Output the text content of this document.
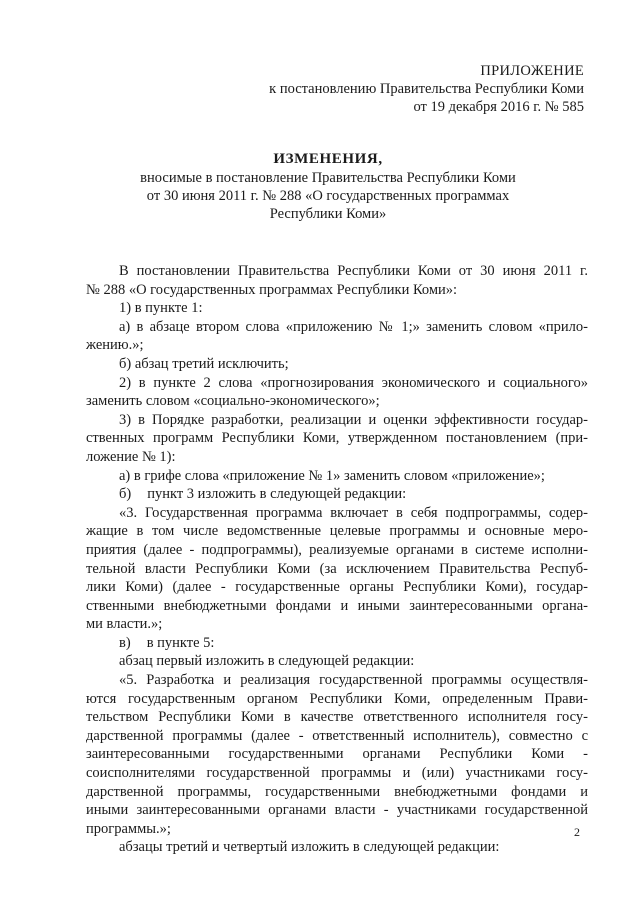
ПРИЛОЖЕНИЕ
к постановлению Правительства Республики Коми
от 19 декабря 2016 г. № 585
ИЗМЕНЕНИЯ,
вносимые в постановление Правительства Республики Коми
от 30 июня 2011 г. № 288 «О государственных программах
Республики Коми»
В постановлении Правительства Республики Коми от 30 июня 2011 г.
№ 288 «О государственных программах Республики Коми»:
1) в пункте 1:
а) в абзаце втором слова «приложению № 1;» заменить словом «прило-
жению.»;
б) абзац третий исключить;
2) в пункте 2 слова «прогнозирования экономического и социального»
заменить словом «социально-экономического»;
3) в Порядке разработки, реализации и оценки эффективности государ-
ственных программ Республики Коми, утвержденном постановлением (при-
ложение № 1):
а) в грифе слова «приложение № 1» заменить словом «приложение»;
б) пункт 3 изложить в следующей редакции:
«3. Государственная программа включает в себя подпрограммы, содер-
жащие в том числе ведомственные целевые программы и основные меро-
приятия (далее - подпрограммы), реализуемые органами в системе исполни-
тельной власти Республики Коми (за исключением Правительства Респуб-
лики Коми) (далее - государственные органы Республики Коми), государ-
ственными внебюджетными фондами и иными заинтересованными органа-
ми власти.»;
в) в пункте 5:
абзац первый изложить в следующей редакции:
«5. Разработка и реализация государственной программы осуществля-
ются государственным органом Республики Коми, определенным Прави-
тельством Республики Коми в качестве ответственного исполнителя госу-
дарственной программы (далее - ответственный исполнитель), совместно с
заинтересованными государственными органами Республики Коми -
соисполнителями государственной программы и (или) участниками госу-
дарственной программы, государственными внебюджетными фондами и
иными заинтересованными органами власти - участниками государственной
программы.»;
абзацы третий и четвертый изложить в следующей редакции:
2
